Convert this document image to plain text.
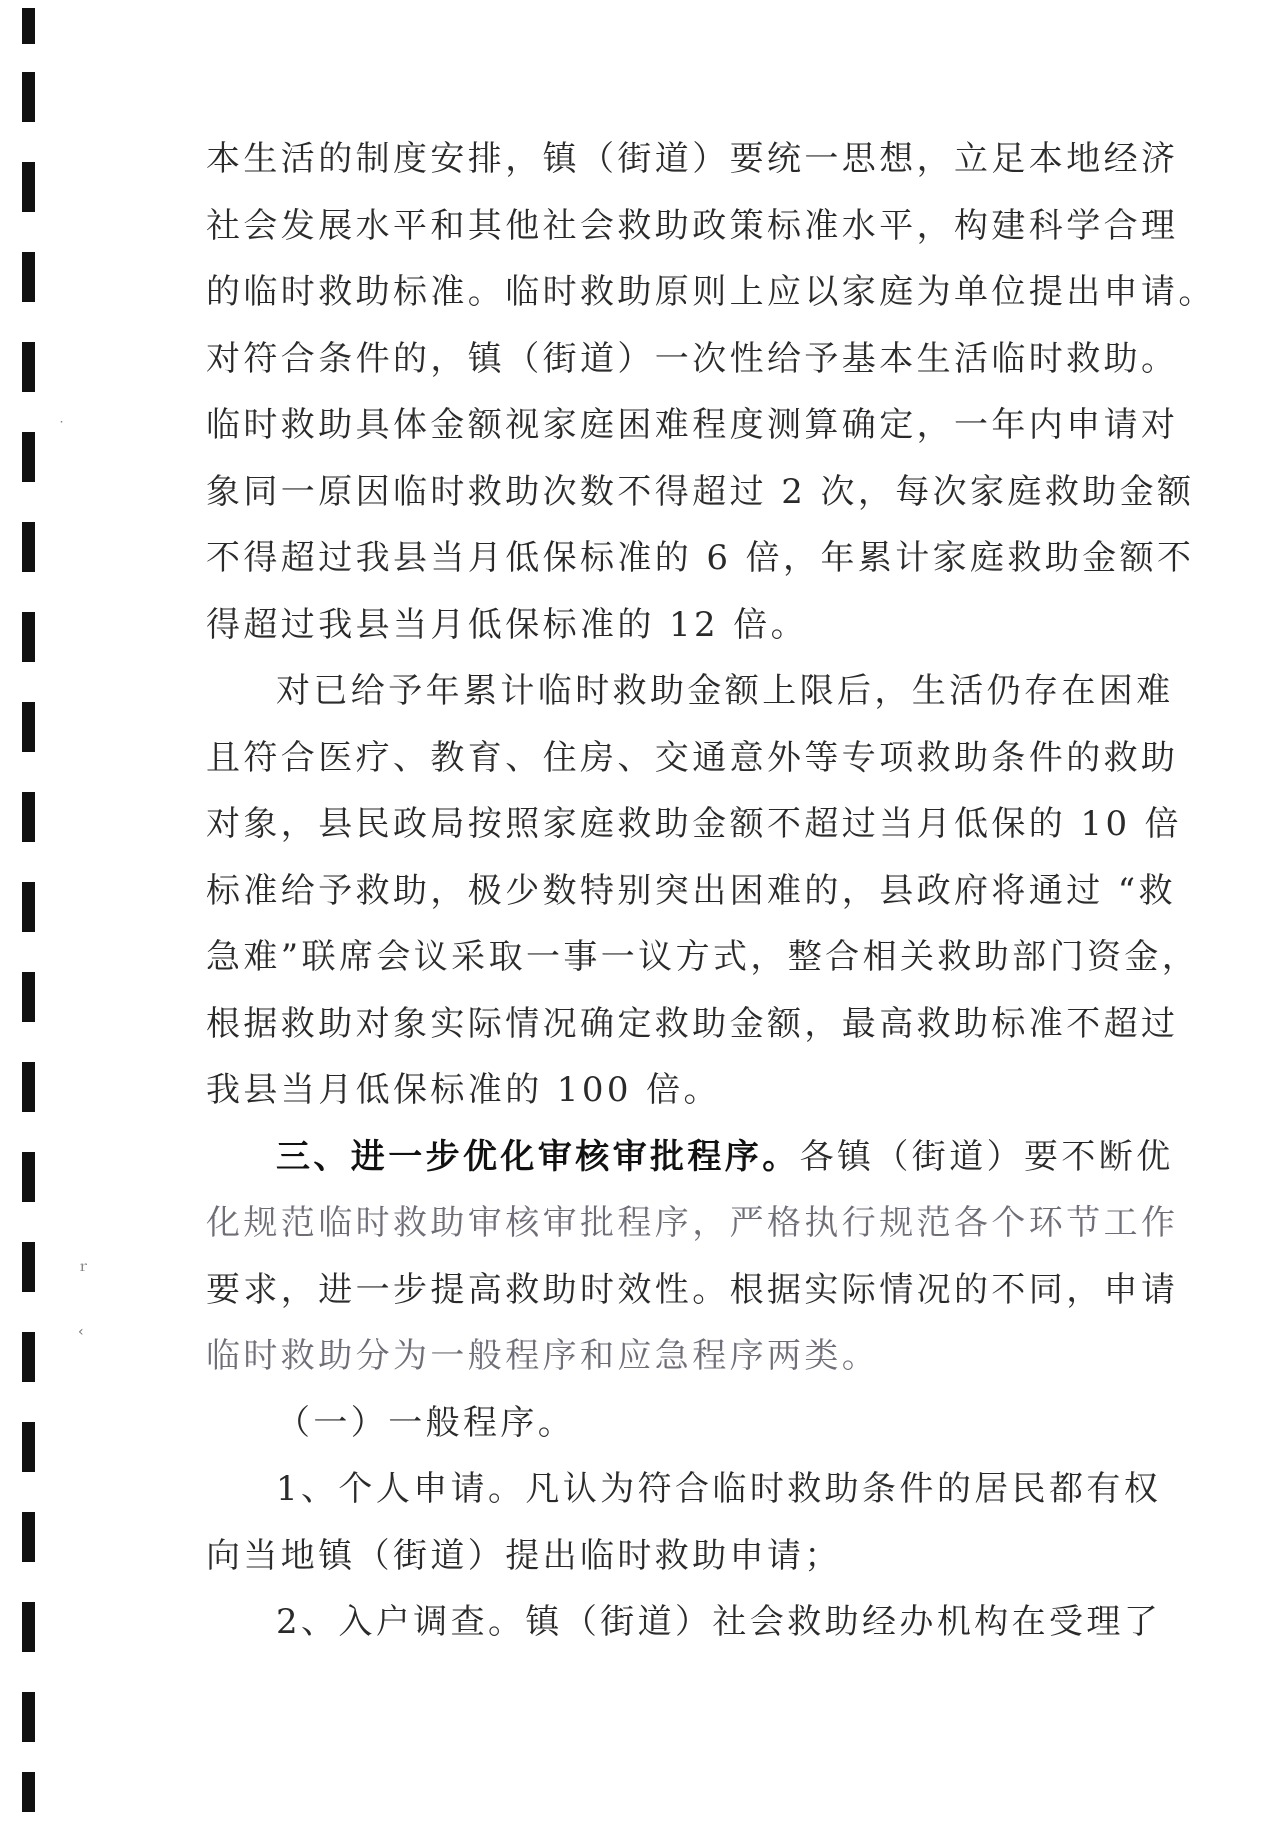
˙
ｒ
‹
本生活的制度安排，镇（街道）要统一思想，立足本地经济
社会发展水平和其他社会救助政策标准水平，构建科学合理
的临时救助标准。临时救助原则上应以家庭为单位提出申请。
对符合条件的，镇（街道）一次性给予基本生活临时救助。
临时救助具体金额视家庭困难程度测算确定，一年内申请对
象同一原因临时救助次数不得超过 2 次，每次家庭救助金额
不得超过我县当月低保标准的 6 倍，年累计家庭救助金额不
得超过我县当月低保标准的 12 倍。
对已给予年累计临时救助金额上限后，生活仍存在困难
且符合医疗、教育、住房、交通意外等专项救助条件的救助
对象，县民政局按照家庭救助金额不超过当月低保的 10 倍
标准给予救助，极少数特别突出困难的，县政府将通过 “救
急难”联席会议采取一事一议方式，整合相关救助部门资金，
根据救助对象实际情况确定救助金额，最高救助标准不超过
我县当月低保标准的 100 倍。
三、进一步优化审核审批程序。各镇（街道）要不断优
化规范临时救助审核审批程序，严格执行规范各个环节工作
要求，进一步提高救助时效性。根据实际情况的不同，申请
临时救助分为一般程序和应急程序两类。
（一）一般程序。
1、个人申请。凡认为符合临时救助条件的居民都有权
向当地镇（街道）提出临时救助申请；
2、入户调查。镇（街道）社会救助经办机构在受理了
